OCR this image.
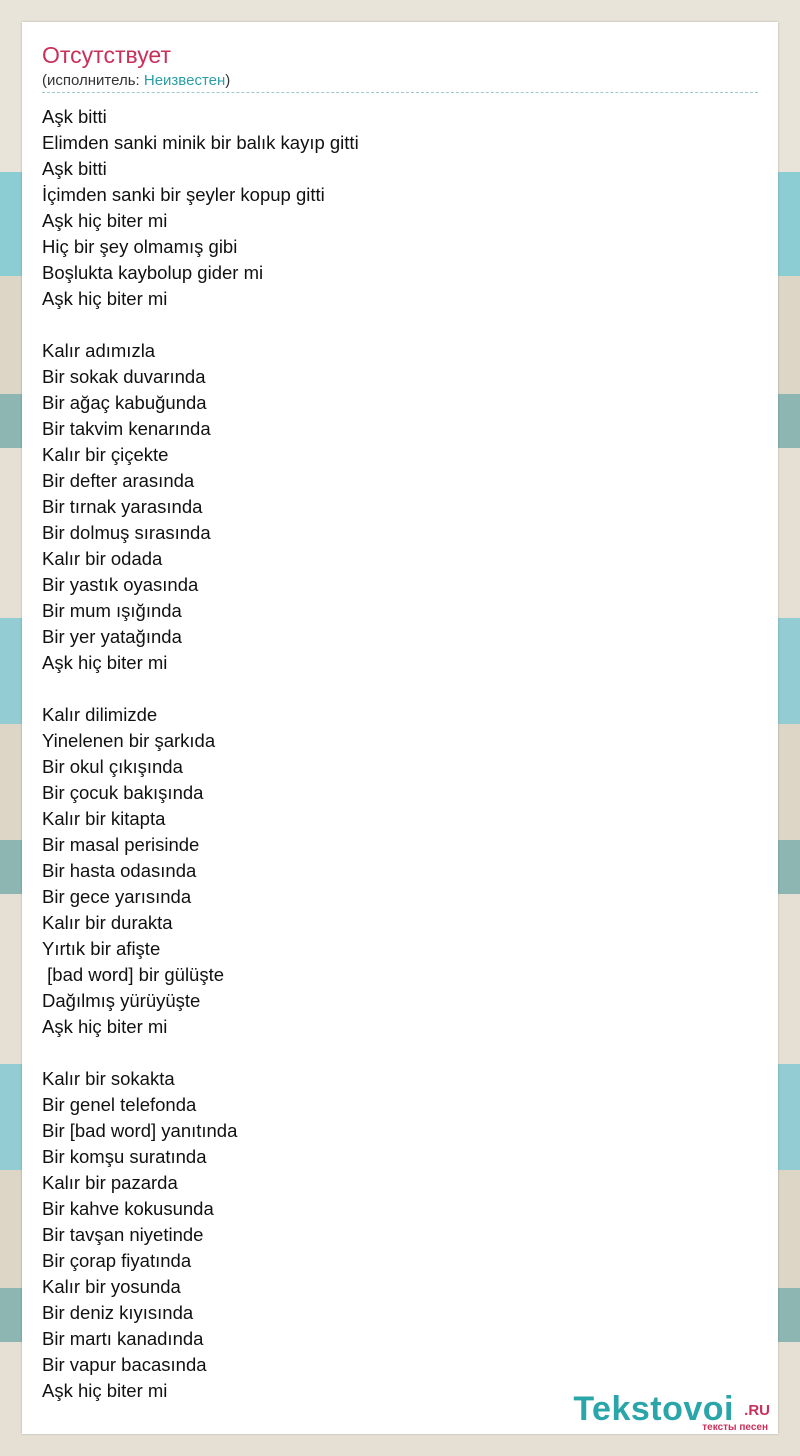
Отсутствует
(исполнитель: Неизвестен)
Aşk bitti
Elimden sanki minik bir balık kayıp gitti
Aşk bitti
İçimden sanki bir şeyler kopup gitti
Aşk hiç biter mi
Hiç bir şey olmamış gibi
Boşlukta kaybolup gider mi
Aşk hiç biter mi

Kalır adımızla
Bir sokak duvarında
Bir ağaç kabuğunda
Bir takvim kenarında
Kalır bir çiçekte
Bir defter arasında
Bir tırnak yarasında
Bir dolmuş sırasında
Kalır bir odada
Bir yastık oyasında
Bir mum ışığında
Bir yer yatağında
Aşk hiç biter mi

Kalır dilimizde
Yinelenen bir şarkıda
Bir okul çıkışında
Bir çocuk bakışında
Kalır bir kitapta
Bir masal perisinde
Bir hasta odasında
Bir gece yarısında
Kalır bir durakta
Yırtık bir afişte
[bad word] bir gülüşte
Dağılmış yürüyüşte
Aşk hiç biter mi

Kalır bir sokakta
Bir genel telefonda
Bir [bad word] yanıtında
Bir komşu suratında
Kalır bir pazarda
Bir kahve kokusunda
Bir tavşan niyetinde
Bir çorap fiyatında
Kalır bir yosunda
Bir deniz kıyısında
Bir martı kanadında
Bir vapur bacasında
Aşk hiç biter mi	Tekstovoi .RU
тексты песен
